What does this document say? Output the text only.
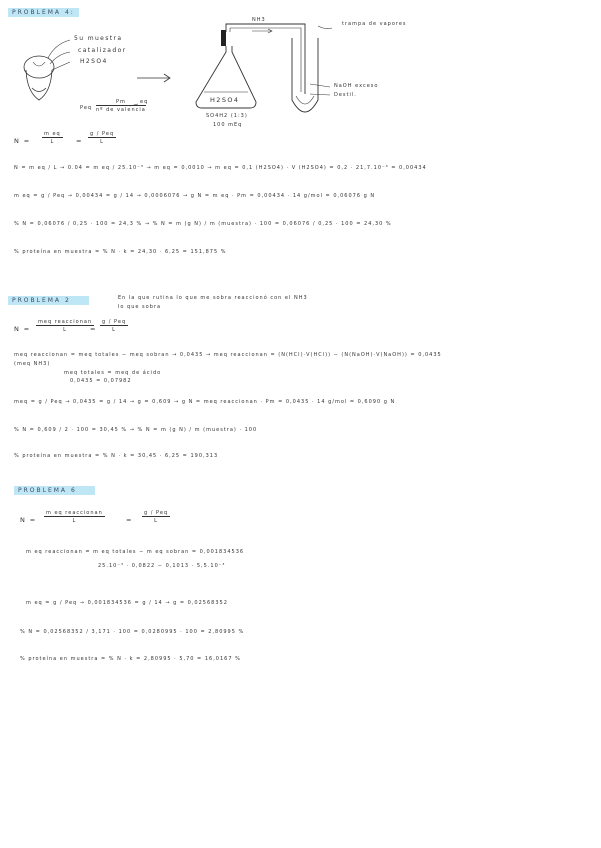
PROBLEMA 4:
5u muestra
catalizador
H2SO4
NH3
trampa de vapores
H2SO4
SO4H2 (1:3)
100 mEq
NaOH exceso
Destil.
Peq
Pm
nº de valencia
eq
$N = \frac{\text{m eq}}{L}$ =
g / Peq
L
N = m eq / L → 0.04 = m eq / 25.10⁻³ → m eq = 0,0010 → m eq = 0,1 (H2SO4) · V (H2SO4) = 0,2 · 21,7.10⁻³ = 0,00434
m eq = g / Peq → 0,00434 = g / 14 → 0,0006076 → g N = m eq · Pm = 0,00434 · 14 g/mol = 0,06076 g N
% N = 0,06076 / 0,25 · 100 = 24,3 % → % N = m (g N) / m (muestra) · 100 = 0,06076 / 0,25 · 100 = 24,30 %
% proteína en muestra = % N · k = 24,30 · 6,25 = 151,875 %
PROBLEMA 2	En la que rutina lo que me sobra reaccionó con el NH3
lo que sobra
N =
meq reaccionan
L	=
g / Peq
L
meq reaccionan = meq totales − meq sobran → 0,0435 → meq reaccionan = (N(HCl)·V(HCl)) − (N(NaOH)·V(NaOH)) = 0,0435
(meq NH3)
meq totales = meq de ácido
0,0435 = 0,07982
meq = g / Peq → 0,0435 = g / 14 → g = 0,609 → g N = meq reaccionan · Pm = 0,0435 · 14 g/mol = 0,6090 g N
% N = 0,609 / 2 · 100 = 30,45 % → % N = m (g N) / m (muestra) · 100
% proteína en muestra = % N · k = 30,45 · 6,25 = 190,313
PROBLEMA 6
N =
m eq reaccionan
L	=
g / Peq
L
m eq reaccionan = m eq totales − m eq sobran = 0,001834536
25.10⁻³ · 0,0822 − 0,1013 · 5,5.10⁻³
m eq = g / Peq → 0,001834536 = g / 14 → g = 0,02568352
% N = 0,02568352 / 3,171 · 100 = 0,0280995 · 100 = 2,80995 %
% proteína en muestra = % N · k = 2,80995 · 5,70 = 16,0167 %
